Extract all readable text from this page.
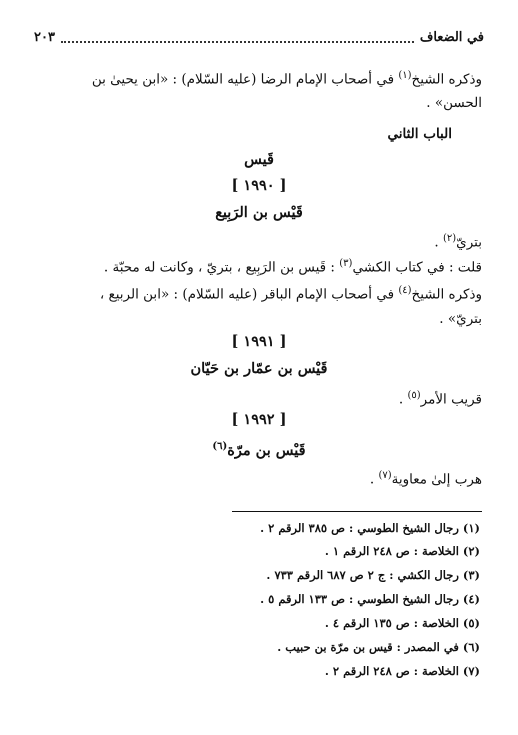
في الضعاف
٢٠٣
وذكره الشيخ$^{(١)}$ في أصحاب الإمام الرضا (عليه السّلام) : «ابن يحيىٰ بن
الحسن» .
الباب الثاني
قَيس
[ ١٩٩٠ ]
قَيْس بن الرَبِيع
بتريّ$^{(٢)}$ .
قلت : في كتاب الكشي$^{(٣)}$ : قَيس بن الرَبِيع ، بتريّ ، وكانت له محبّة .
وذكره الشيخ$^{(٤)}$ في أصحاب الإمام الباقر (عليه السّلام) : «ابن الربيع ،
بتريّ» .
[ ١٩٩١ ]
قَيْس بن عمّار بن حَيّان
قريب الأمر$^{(٥)}$ .
[ ١٩٩٢ ]
قَيْس بن مرّة$^{(٦)}$
هرب إلىٰ معاوية$^{(٧)}$ .
(١) رجال الشيخ الطوسي : ص ٣٨٥ الرقم ٢ .
(٢) الخلاصة : ص ٢٤٨ الرقم ١ .
(٣) رجال الكشي : ج ٢ ص ٦٨٧ الرقم ٧٣٣ .
(٤) رجال الشيخ الطوسي : ص ١٣٣ الرقم ٥ .
(٥) الخلاصة : ص ١٣٥ الرقم ٤ .
(٦) في المصدر : قيس بن مرّة بن حبيب .
(٧) الخلاصة : ص ٢٤٨ الرقم ٢ .
